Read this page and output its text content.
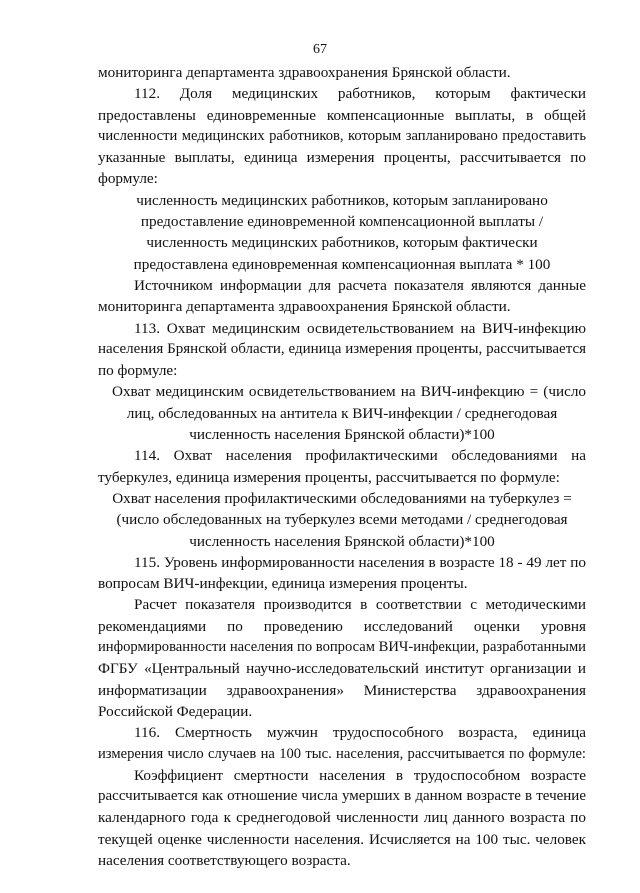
67
мониторинга департамента здравоохранения Брянской области.
112. Доля медицинских работников, которым фактически
предоставлены единовременные компенсационные выплаты, в общей
численности медицинских работников, которым запланировано предоставить
указанные выплаты, единица измерения проценты, рассчитывается по
формуле:
численность медицинских работников, которым запланировано
предоставление единовременной компенсационной выплаты /
численность медицинских работников, которым фактически
предоставлена единовременная компенсационная выплата * 100
Источником информации для расчета показателя являются данные
мониторинга департамента здравоохранения Брянской области.
113. Охват медицинским освидетельствованием на ВИЧ-инфекцию
населения Брянской области, единица измерения проценты, рассчитывается
по формуле:
Охват медицинским освидетельствованием на ВИЧ-инфекцию = (число
лиц, обследованных на антитела к ВИЧ-инфекции / среднегодовая
численность населения Брянской области)*100
114. Охват населения профилактическими обследованиями на
туберкулез, единица измерения проценты, рассчитывается по формуле:
Охват населения профилактическими обследованиями на туберкулез =
(число обследованных на туберкулез всеми методами / среднегодовая
численность населения Брянской области)*100
115. Уровень информированности населения в возрасте 18 - 49 лет по
вопросам ВИЧ-инфекции, единица измерения проценты.
Расчет показателя производится в соответствии с методическими
рекомендациями по проведению исследований оценки уровня
информированности населения по вопросам ВИЧ-инфекции, разработанными
ФГБУ «Центральный научно-исследовательский институт организации и
информатизации здравоохранения» Министерства здравоохранения
Российской Федерации.
116. Смертность мужчин трудоспособного возраста, единица
измерения число случаев на 100 тыс. населения, рассчитывается по формуле:
Коэффициент смертности населения в трудоспособном возрасте
рассчитывается как отношение числа умерших в данном возрасте в течение
календарного года к среднегодовой численности лиц данного возраста по
текущей оценке численности населения. Исчисляется на 100 тыс. человек
населения соответствующего возраста.
